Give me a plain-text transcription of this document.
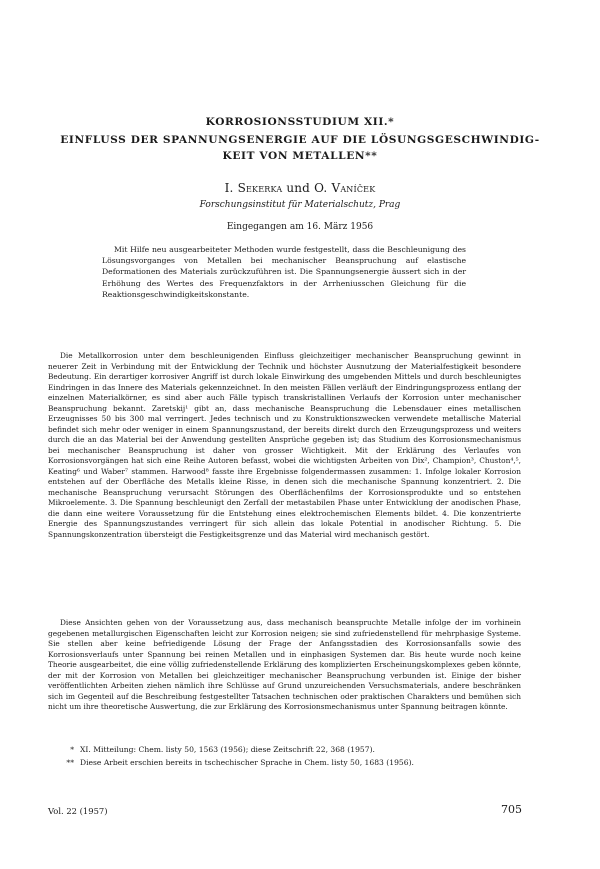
KORROSIONSSTUDIUM XII.*
EINFLUSS DER SPANNUNGSENERGIE AUF DIE LÖSUNGSGESCHWINDIG-
KEIT VON METALLEN**
I. Sekerka und O. Vaníček
Forschungsinstitut für Materialschutz, Prag
Eingegangen am 16. März 1956

Mit Hilfe neu ausgearbeiteter Methoden wurde festgestellt, dass die Beschleunigung des Lösungsvorganges von Metallen bei mechanischer Beanspruchung auf elastische Deformationen des Materials zurückzuführen ist. Die Spannungsenergie äussert sich in der Erhöhung des Wertes des Frequenzfaktors in der Arrheniusschen Gleichung für die Reaktionsgeschwindigkeitskonstante.

Die Metallkorrosion unter dem beschleunigenden Einfluss gleichzeitiger mechanischer Beanspruchung gewinnt in neuerer Zeit in Verbindung mit der Entwicklung der Technik und höchster Ausnutzung der Materialfestigkeit besondere Bedeutung. Ein derartiger korrosiver Angriff ist durch lokale Einwirkung des umgebenden Mittels und durch beschleunigtes Eindringen in das Innere des Materials gekennzeichnet. In den meisten Fällen verläuft der Eindringungsprozess entlang der einzelnen Materialkörner, es sind aber auch Fälle typisch transkristallinen Verlaufs der Korrosion unter mechanischer Beanspruchung bekannt. Zaretskij¹ gibt an, dass mechanische Beanspruchung die Lebensdauer eines metallischen Erzeugnisses 50 bis 300 mal verringert. Jedes technisch und zu Konstruktionszwecken verwendete metallische Material befindet sich mehr oder weniger in einem Spannungszustand, der bereits direkt durch den Erzeugungsprozess und weiters durch die an das Material bei der Anwendung gestellten Ansprüche gegeben ist; das Studium des Korrosionsmechanismus bei mechanischer Beanspruchung ist daher von grosser Wichtigkeit. Mit der Erklärung des Verlaufes von Korrosionsvorgängen hat sich eine Reihe Autoren befasst, wobei die wichtigsten Arbeiten von Dix², Champion³, Chuston⁴,⁵, Keating⁶ und Waber⁷ stammen. Harwood⁸ fasste ihre Ergebnisse folgendermassen zusammen: 1. Infolge lokaler Korrosion entstehen auf der Oberfläche des Metalls kleine Risse, in denen sich die mechanische Spannung konzentriert. 2. Die mechanische Beanspruchung verursacht Störungen des Oberflächenfilms der Korrosionsprodukte und so entstehen Mikroelemente. 3. Die Spannung beschleunigt den Zerfall der metastabilen Phase unter Entwicklung der anodischen Phase, die dann eine weitere Voraussetzung für die Entstehung eines elektrochemischen Elements bildet. 4. Die konzentrierte Energie des Spannungszustandes verringert für sich allein das lokale Potential in anodischer Richtung. 5. Die Spannungskonzentration übersteigt die Festigkeitsgrenze und das Material wird mechanisch gestört.

Diese Ansichten gehen von der Voraussetzung aus, dass mechanisch beanspruchte Metalle infolge der im vorhinein gegebenen metallurgischen Eigenschaften leicht zur Korrosion neigen; sie sind zufriedenstellend für mehrphasige Systeme. Sie stellen aber keine befriedigende Lösung der Frage der Anfangsstadien des Korrosionsanfalls sowie des Korrosionsverlaufs unter Spannung bei reinen Metallen und in einphasigen Systemen dar. Bis heute wurde noch keine Theorie ausgearbeitet, die eine völlig zufriedenstellende Erklärung des komplizierten Erscheinungskomplexes geben könnte, der mit der Korrosion von Metallen bei gleichzeitiger mechanischer Beanspruchung verbunden ist. Einige der bisher veröffentlichten Arbeiten ziehen nämlich ihre Schlüsse auf Grund unzureichenden Versuchsmaterials, andere beschränken sich im Gegenteil auf die Beschreibung festgestellter Tatsachen technischen oder praktischen Charakters und bemühen sich nicht um ihre theoretische Auswertung, die zur Erklärung des Korrosionsmechanismus unter Spannung beitragen könnte.

* XI. Mitteilung: Chem. listy 50, 1563 (1956); diese Zeitschrift 22, 368 (1957).
** Diese Arbeit erschien bereits in tschechischer Sprache in Chem. listy 50, 1683 (1956).
Vol. 22 (1957)	705
